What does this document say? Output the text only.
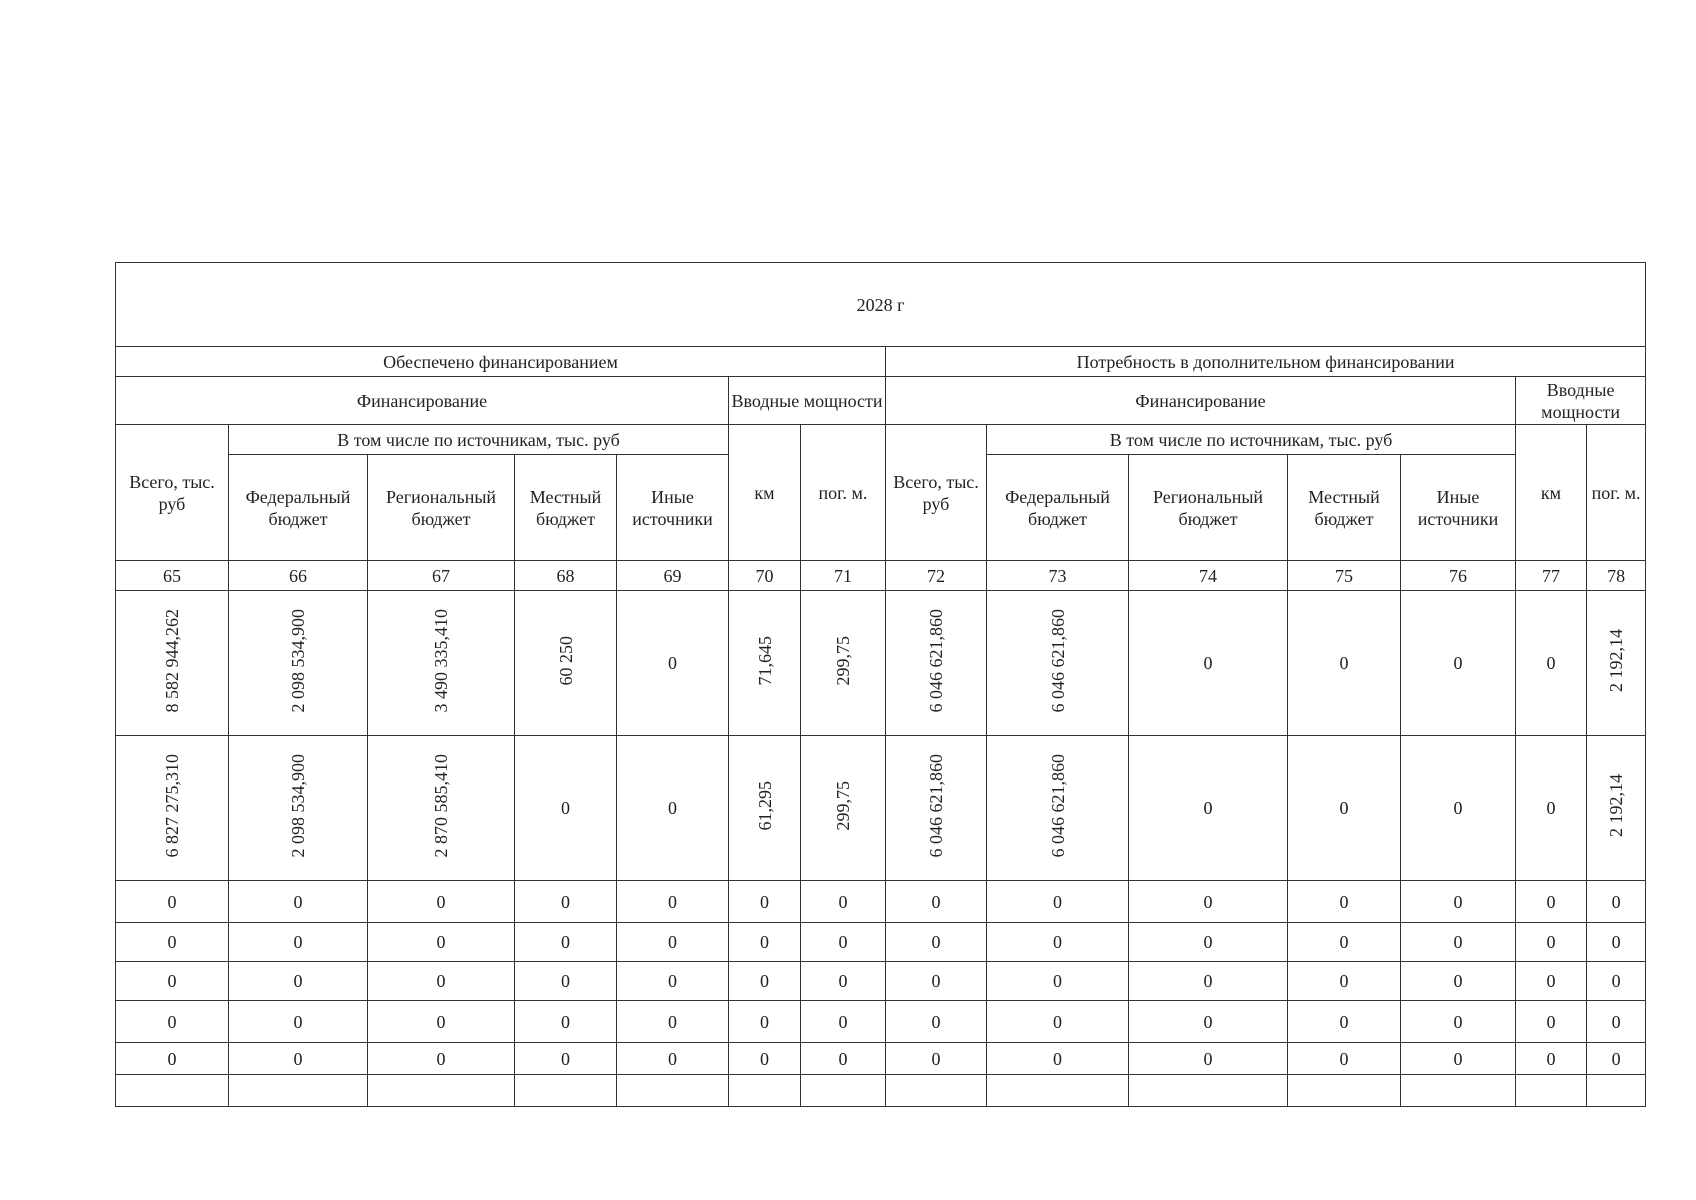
2028 г													
Обеспечено финансированием							Потребность в дополнительном финансировании						
Финансирование					Вводные мощности		Финансирование					Вводные мощности	
Всего, тыс. руб	В том числе по источникам, тыс. руб				км	пог. м.	Всего, тыс. руб	В том числе по источникам, тыс. руб				км	пог. м.
	Федеральный бюджет	Региональный бюджет	Местный бюджет	Иные источники				Федеральный бюджет	Региональный бюджет	Местный бюджет	Иные источники		
65	66	67	68	69	70	71	72	73	74	75	76	77	78
8 582 944,262	2 098 534,900	3 490 335,410	60 250	0	71,645	299,75	6 046 621,860	6 046 621,860	0	0	0	0	2 192,14
6 827 275,310	2 098 534,900	2 870 585,410	0	0	61,295	299,75	6 046 621,860	6 046 621,860	0	0	0	0	2 192,14
0	0	0	0	0	0	0	0	0	0	0	0	0	0
0	0	0	0	0	0	0	0	0	0	0	0	0	0
0	0	0	0	0	0	0	0	0	0	0	0	0	0
0	0	0	0	0	0	0	0	0	0	0	0	0	0
0	0	0	0	0	0	0	0	0	0	0	0	0	0
